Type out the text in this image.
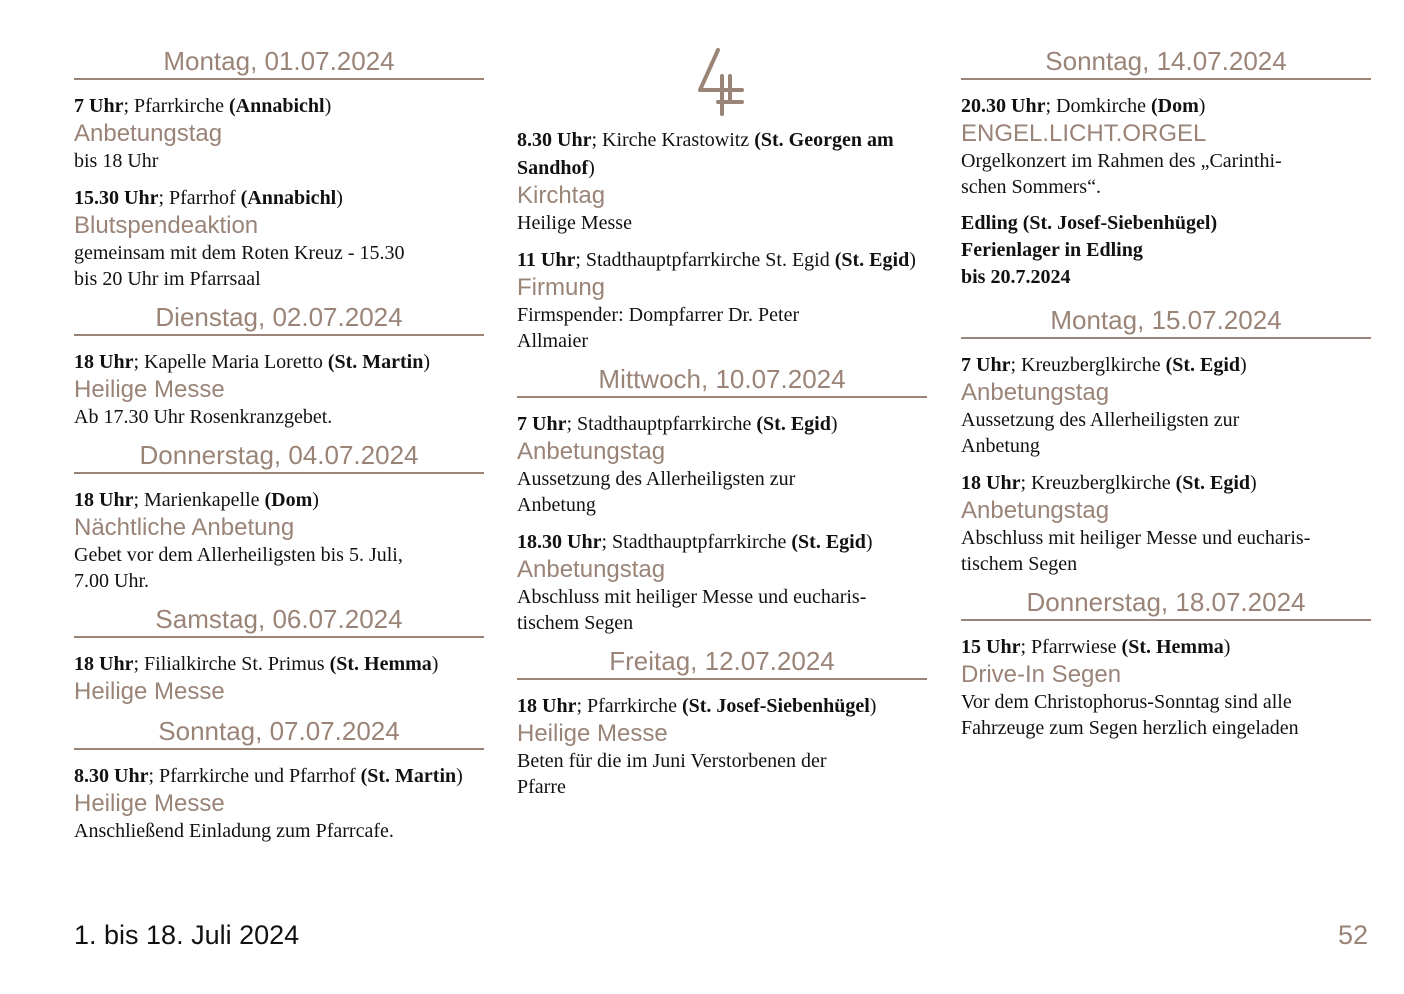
Montag, 01.07.2024
7 Uhr; Pfarrkirche (Annabichl)
Anbetungstag
bis 18 Uhr
15.30 Uhr; Pfarrhof (Annabichl)
Blutspendeaktion
gemeinsam mit dem Roten Kreuz - 15.30
bis 20 Uhr im Pfarrsaal
Dienstag, 02.07.2024
18 Uhr; Kapelle Maria Loretto (St. Martin)
Heilige Messe
Ab 17.30 Uhr Rosenkranzgebet.
Donnerstag, 04.07.2024
18 Uhr; Marienkapelle (Dom)
Nächtliche Anbetung
Gebet vor dem Allerheiligsten bis 5. Juli,
7.00 Uhr.
Samstag, 06.07.2024
18 Uhr; Filialkirche St. Primus (St. Hemma)
Heilige Messe
Sonntag, 07.07.2024
8.30 Uhr; Pfarrkirche und Pfarrhof (St. Martin)
Heilige Messe
Anschließend Einladung zum Pfarrcafe.
8.30 Uhr; Kirche Krastowitz (St. Georgen am Sandhof)
Kirchtag
Heilige Messe
11 Uhr; Stadthauptpfarrkirche St. Egid (St. Egid)
Firmung
Firmspender: Dompfarrer Dr. Peter
Allmaier
Mittwoch, 10.07.2024
7 Uhr; Stadthauptpfarrkirche (St. Egid)
Anbetungstag
Aussetzung des Allerheiligsten zur
Anbetung
18.30 Uhr; Stadthauptpfarrkirche (St. Egid)
Anbetungstag
Abschluss mit heiliger Messe und eucharis-
tischem Segen
Freitag, 12.07.2024
18 Uhr; Pfarrkirche (St. Josef-Siebenhügel)
Heilige Messe
Beten für die im Juni Verstorbenen der
Pfarre
Sonntag, 14.07.2024
20.30 Uhr; Domkirche (Dom)
ENGEL.LICHT.ORGEL
Orgelkonzert im Rahmen des „Carinthi-
schen Sommers“.
Edling (St. Josef-Siebenhügel)
Ferienlager in Edling
bis 20.7.2024
Montag, 15.07.2024
7 Uhr; Kreuzberglkirche (St. Egid)
Anbetungstag
Aussetzung des Allerheiligsten zur
Anbetung
18 Uhr; Kreuzberglkirche (St. Egid)
Anbetungstag
Abschluss mit heiliger Messe und eucharis-
tischem Segen
Donnerstag, 18.07.2024
15 Uhr; Pfarrwiese (St. Hemma)
Drive-In Segen
Vor dem Christophorus-Sonntag sind alle
Fahrzeuge zum Segen herzlich eingeladen
1. bis 18. Juli 2024	52
